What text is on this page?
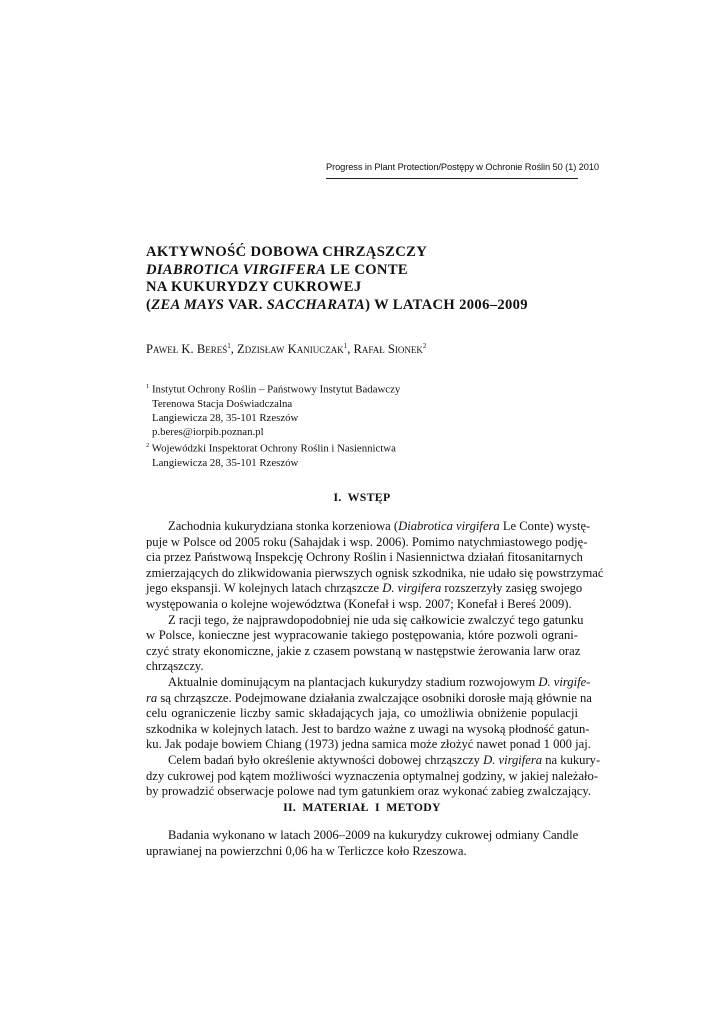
Progress in Plant Protection/Postępy w Ochronie Roślin 50 (1) 2010
AKTYWNOŚĆ DOBOWA CHRZĄSZCZY
DIABROTICA VIRGIFERA LE CONTE
NA KUKURYDZY CUKROWEJ
(ZEA MAYS VAR. SACCHARATA) W LATACH 2006–2009
Paweł K. Bereś$^1$, Zdzisław Kaniuczak$^1$, Rafał Sionek$^2$
$^1$ Instytut Ochrony Roślin – Państwowy Instytut Badawczy
Terenowa Stacja Doświadczalna
Langiewicza 28, 35-101 Rzeszów
p.beres@iorpib.poznan.pl
$^2$ Wojewódzki Inspektorat Ochrony Roślin i Nasiennictwa
Langiewicza 28, 35-101 Rzeszów
I. WSTĘP
Zachodnia kukurydziana stonka korzeniowa (Diabrotica virgifera Le Conte) wystę-
puje w Polsce od 2005 roku (Sahajdak i wsp. 2006). Pomimo natychmiastowego podję-
cia przez Państwową Inspekcję Ochrony Roślin i Nasiennictwa działań fitosanitarnych
zmierzających do zlikwidowania pierwszych ognisk szkodnika, nie udało się powstrzymać
jego ekspansji. W kolejnych latach chrząszcze D. virgifera rozszerzyły zasięg swojego
występowania o kolejne województwa (Konefał i wsp. 2007; Konefał i Bereś 2009).
Z racji tego, że najprawdopodobniej nie uda się całkowicie zwalczyć tego gatunku
w Polsce, konieczne jest wypracowanie takiego postępowania, które pozwoli ograni-
czyć straty ekonomiczne, jakie z czasem powstaną w następstwie żerowania larw oraz
chrząszczy.
Aktualnie dominującym na plantacjach kukurydzy stadium rozwojowym D. virgife-
ra są chrząszcze. Podejmowane działania zwalczające osobniki dorosłe mają głównie na
celu ograniczenie liczby samic składających jaja, co umożliwia obniżenie populacji
szkodnika w kolejnych latach. Jest to bardzo ważne z uwagi na wysoką płodność gatun-
ku. Jak podaje bowiem Chiang (1973) jedna samica może złożyć nawet ponad 1 000 jaj.
Celem badań było określenie aktywności dobowej chrząszczy D. virgifera na kukury-
dzy cukrowej pod kątem możliwości wyznaczenia optymalnej godziny, w jakiej należało-
by prowadzić obserwacje polowe nad tym gatunkiem oraz wykonać zabieg zwalczający.
II. MATERIAŁ I METODY
Badania wykonano w latach 2006–2009 na kukurydzy cukrowej odmiany Candle
uprawianej na powierzchni 0,06 ha w Terliczce koło Rzeszowa.
